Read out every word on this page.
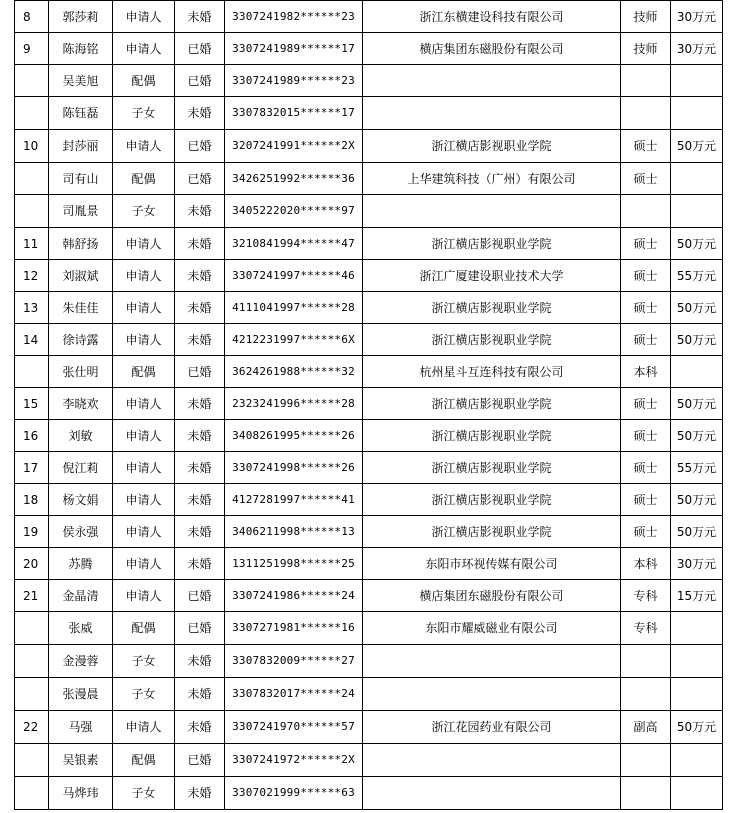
8	郭莎莉	申请人	未婚	3307241982******23	浙江东横建设科技有限公司	技师	30万元
9	陈海铭	申请人	已婚	3307241989******17	横店集团东磁股份有限公司	技师	30万元
	吴美旭	配偶	已婚	3307241989******23			
	陈钰磊	子女	未婚	3307832015******17			
10	封莎丽	申请人	已婚	3207241991******2X	浙江横店影视职业学院	硕士	50万元
	司有山	配偶	已婚	3426251992******36	上华建筑科技（广州）有限公司	硕士	
	司胤景	子女	未婚	3405222020******97			
11	韩舒扬	申请人	未婚	3210841994******47	浙江横店影视职业学院	硕士	50万元
12	刘淑斌	申请人	未婚	3307241997******46	浙江广厦建设职业技术大学	硕士	55万元
13	朱佳佳	申请人	未婚	4111041997******28	浙江横店影视职业学院	硕士	50万元
14	徐诗露	申请人	未婚	4212231997******6X	浙江横店影视职业学院	硕士	50万元
	张仕明	配偶	已婚	3624261988******32	杭州星斗互连科技有限公司	本科	
15	李晓欢	申请人	未婚	2323241996******28	浙江横店影视职业学院	硕士	50万元
16	刘敏	申请人	未婚	3408261995******26	浙江横店影视职业学院	硕士	50万元
17	倪江莉	申请人	未婚	3307241998******26	浙江横店影视职业学院	硕士	55万元
18	杨文娟	申请人	未婚	4127281997******41	浙江横店影视职业学院	硕士	50万元
19	侯永强	申请人	未婚	3406211998******13	浙江横店影视职业学院	硕士	50万元
20	苏腾	申请人	未婚	1311251998******25	东阳市环视传媒有限公司	本科	30万元
21	金晶清	申请人	已婚	3307241986******24	横店集团东磁股份有限公司	专科	15万元
	张威	配偶	已婚	3307271981******16	东阳市耀威磁业有限公司	专科	
	金漫蓉	子女	未婚	3307832009******27			
	张漫晨	子女	未婚	3307832017******24			
22	马强	申请人	未婚	3307241970******57	浙江花园药业有限公司	副高	50万元
	吴银素	配偶	已婚	3307241972******2X			
	马烨玮	子女	未婚	3307021999******63			
